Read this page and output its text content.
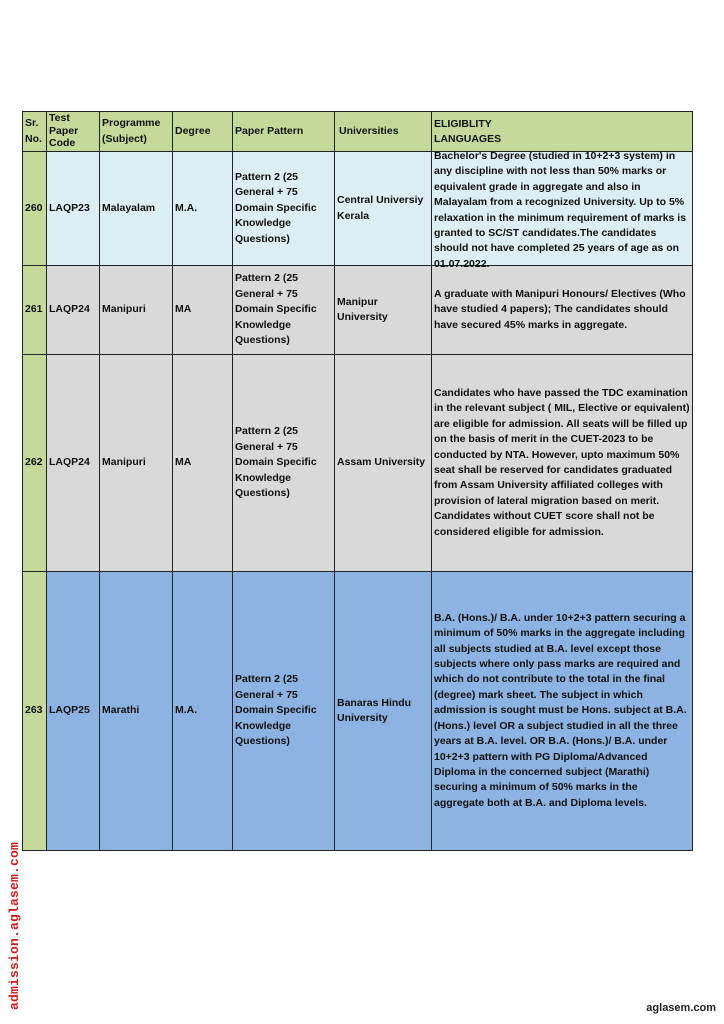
Sr. No.	Test Paper Code	Programme (Subject)	Degree	Paper Pattern	Universities	ELIGIBLITY
LANGUAGES

260	LAQP23	Malayalam	M.A.	Pattern 2 (25 General + 75 Domain Specific Knowledge Questions)	Central Universiy Kerala	Bachelor's Degree (studied in 10+2+3 system) in any discipline with not less than 50% marks or equivalent grade in aggregate and also in Malayalam from a recognized University. Up to 5% relaxation in the minimum requirement of marks is granted to SC/ST candidates.The candidates should not have completed 25 years of age as on 01.07.2022.

261	LAQP24	Manipuri	MA	Pattern 2 (25 General + 75 Domain Specific Knowledge Questions)	Manipur University	A graduate with Manipuri Honours/ Electives (Who have studied 4 papers); The candidates should have secured 45% marks in aggregate.
262	LAQP24	Manipuri	MA	Pattern 2 (25 General + 75 Domain Specific Knowledge Questions)	Assam University	Candidates who have passed the TDC examination in the relevant subject ( MIL, Elective or equivalent) are eligible for admission. All seats will be filled up on the basis of merit in the CUET-2023 to be conducted by NTA. However, upto maximum 50% seat shall be reserved for candidates graduated from Assam University affiliated colleges with provision of lateral migration based on merit. Candidates without CUET score shall not be considered eligible for admission.
263	LAQP25	Marathi	M.A.	Pattern 2 (25 General + 75 Domain Specific Knowledge Questions)	Banaras Hindu University	B.A. (Hons.)/ B.A. under 10+2+3 pattern securing a minimum of 50% marks in the aggregate including all subjects studied at B.A. level except those subjects where only pass marks are required and which do not contribute to the total in the final (degree) mark sheet. The subject in which admission is sought must be Hons. subject at B.A. (Hons.) level OR a subject studied in all the three years at B.A. level. OR B.A. (Hons.)/ B.A. under 10+2+3 pattern with PG Diploma/Advanced Diploma in the concerned subject (Marathi) securing a minimum of 50% marks in the aggregate both at B.A. and Diploma levels.
admission.aglasem.com	aglasem.com
